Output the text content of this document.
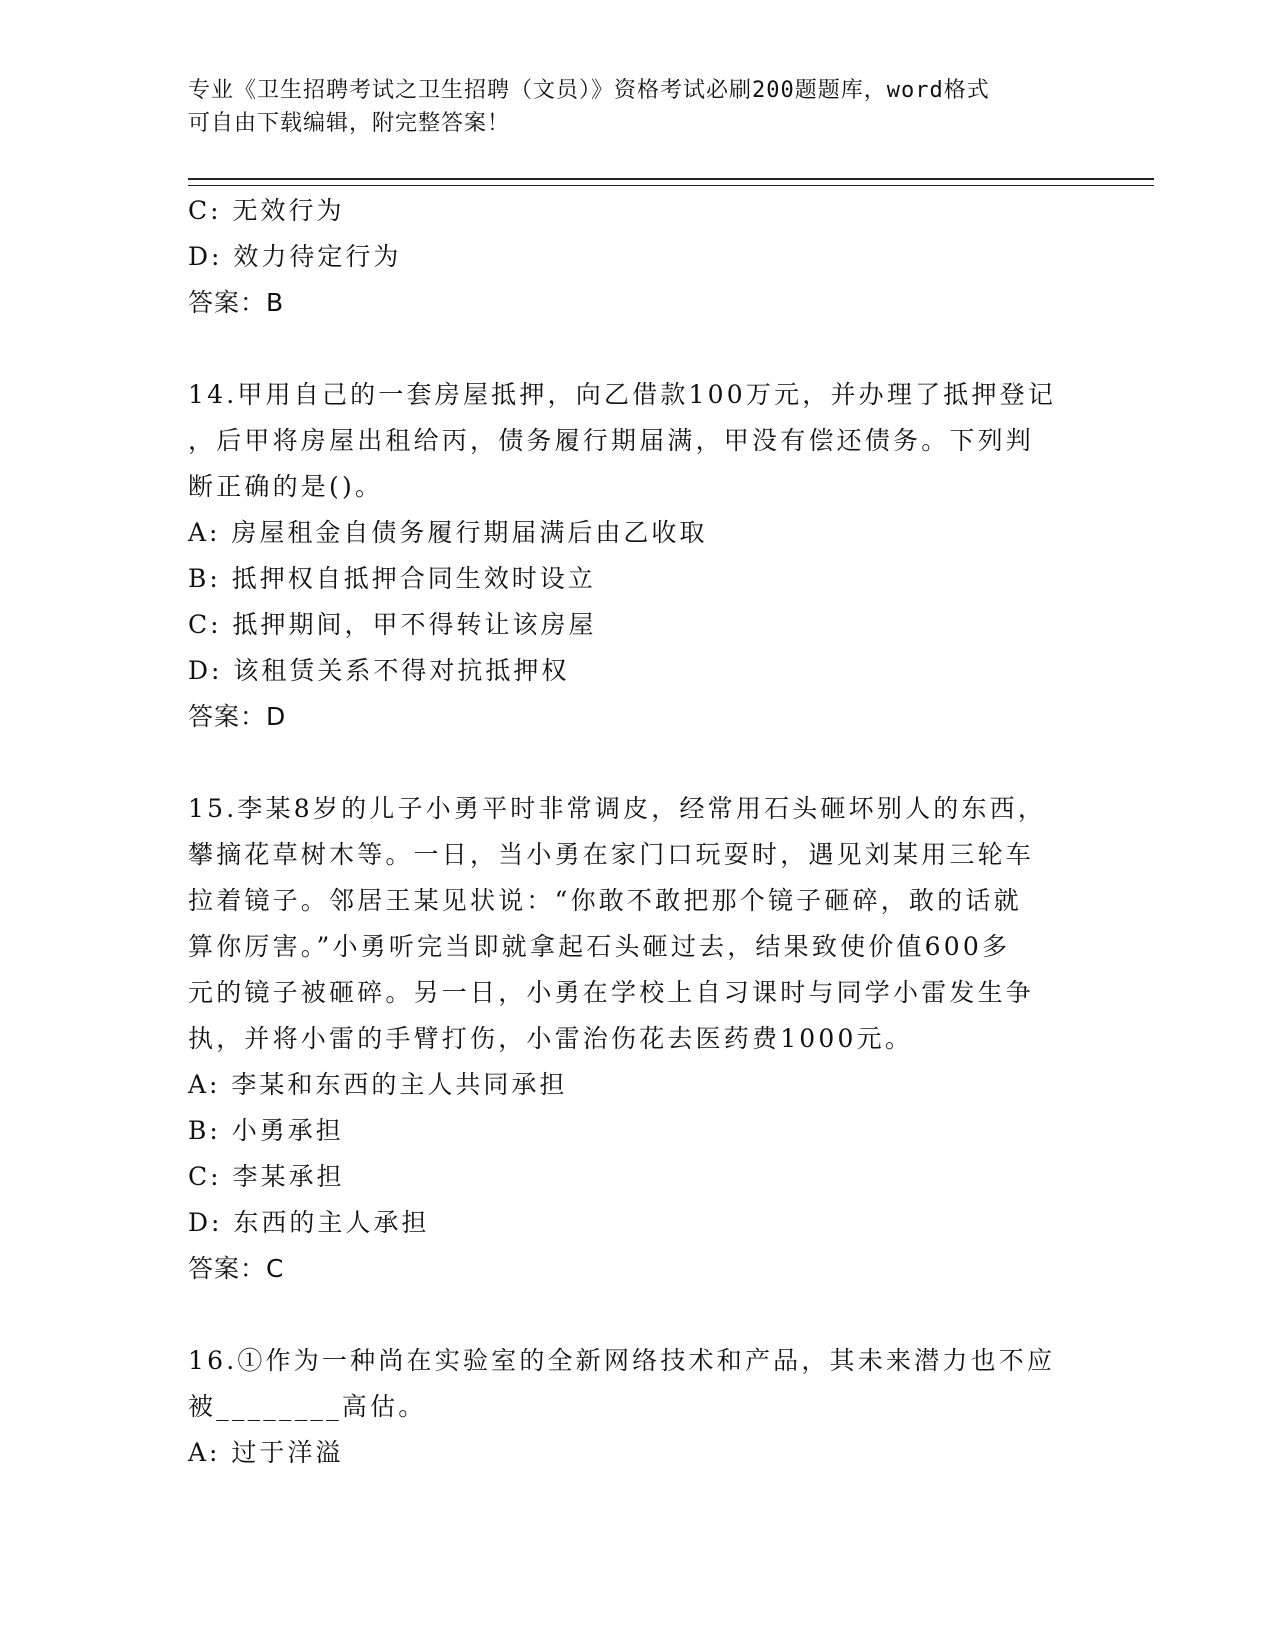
专业《卫生招聘考试之卫生招聘（文员）》资格考试必刷200题题库，word格式
可自由下载编辑，附完整答案！
C: 无效行为
D: 效力待定行为
答案：B
14.甲用自己的一套房屋抵押，向乙借款100万元，并办理了抵押登记
，后甲将房屋出租给丙，债务履行期届满，甲没有偿还债务。下列判
断正确的是()。
A: 房屋租金自债务履行期届满后由乙收取
B: 抵押权自抵押合同生效时设立
C: 抵押期间，甲不得转让该房屋
D: 该租赁关系不得对抗抵押权
答案：D
15.李某8岁的儿子小勇平时非常调皮，经常用石头砸坏别人的东西，
攀摘花草树木等。一日，当小勇在家门口玩耍时，遇见刘某用三轮车
拉着镜子。邻居王某见状说：“你敢不敢把那个镜子砸碎，敢的话就
算你厉害。”小勇听完当即就拿起石头砸过去，结果致使价值600多
元的镜子被砸碎。另一日，小勇在学校上自习课时与同学小雷发生争
执，并将小雷的手臂打伤，小雷治伤花去医药费1000元。
A: 李某和东西的主人共同承担
B: 小勇承担
C: 李某承担
D: 东西的主人承担
答案：C
16.①作为一种尚在实验室的全新网络技术和产品，其未来潜力也不应
被________高估。
A: 过于洋溢
